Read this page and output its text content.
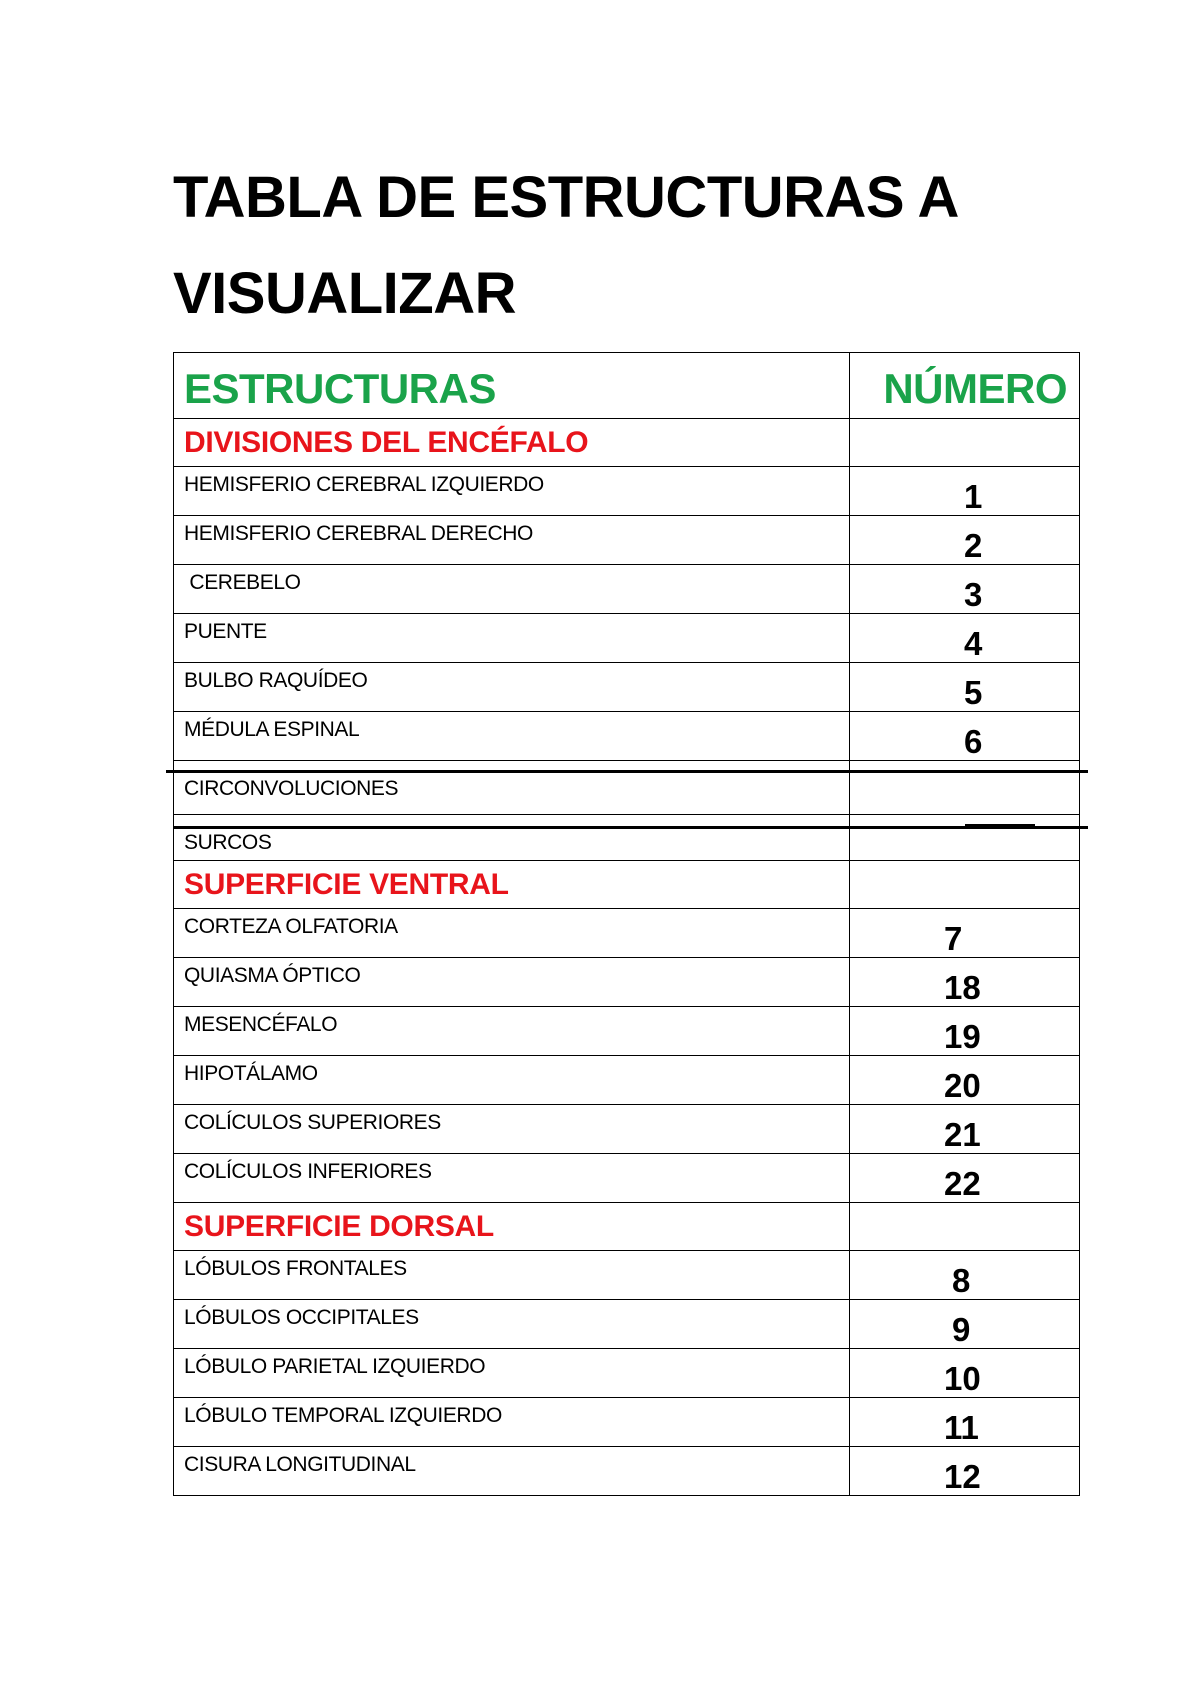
TABLA DE ESTRUCTURAS A VISUALIZAR
ESTRUCTURAS	NÚMERO

DIVISIONES DEL ENCÉFALO	

HEMISFERIO CEREBRAL IZQUIERDO	1

HEMISFERIO CEREBRAL DERECHO	2

CEREBELO	3

PUENTE	4

BULBO RAQUÍDEO	5

MÉDULA ESPINAL	6

CIRCONVOLUCIONES	

SURCOS	

SUPERFICIE VENTRAL	

CORTEZA OLFATORIA	7

QUIASMA ÓPTICO	18

MESENCÉFALO	19

HIPOTÁLAMO	20

COLÍCULOS SUPERIORES	21

COLÍCULOS INFERIORES	22

SUPERFICIE DORSAL	

LÓBULOS FRONTALES	8

LÓBULOS OCCIPITALES	9

LÓBULO PARIETAL IZQUIERDO	10

LÓBULO TEMPORAL IZQUIERDO	11

CISURA LONGITUDINAL	12
